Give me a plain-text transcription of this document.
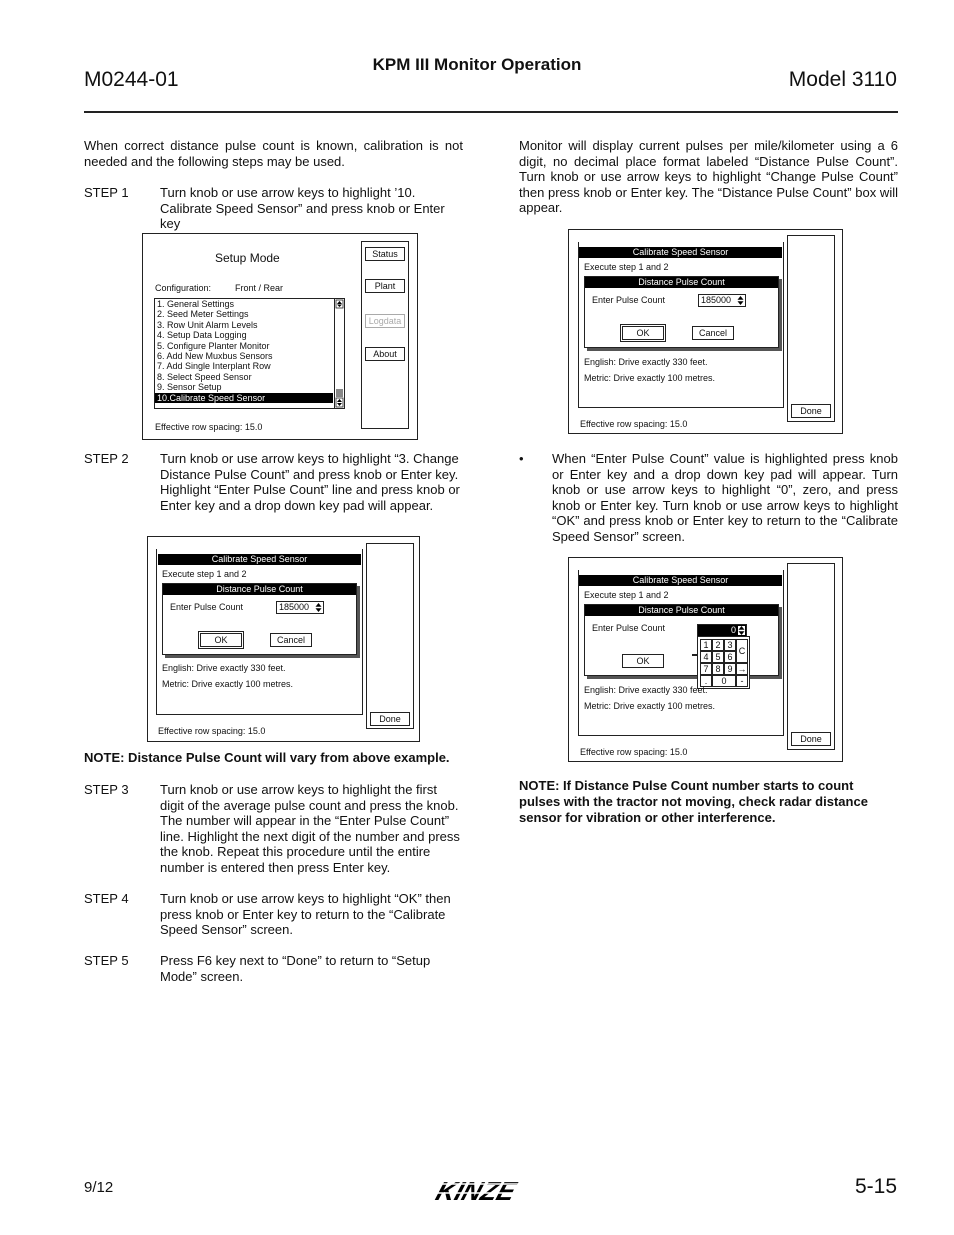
M0244-01
KPM III Monitor Operation
Model 3110
When correct distance pulse count is known, calibration is not needed and the following steps may be used.
STEP 1	Turn knob or use arrow keys to highlight ’10. Calibrate Speed Sensor” and press knob or Enter key
Setup Mode
Configuration:	Front / Rear
1. General Settings
2. Seed Meter Settings
3. Row Unit Alarm Levels
4. Setup Data Logging
5. Configure Planter Monitor
6. Add New Muxbus Sensors
7. Add Single Interplant Row
8. Select Speed Sensor
9. Sensor Setup
10.Calibrate Speed Sensor
Effective row spacing: 15.0
Status
Plant
Logdata
About
STEP 2	Turn knob or use arrow keys to highlight “3. Change Distance Pulse Count” and press knob or Enter key. Highlight “Enter Pulse Count” line and press knob or Enter key and a drop down key pad will appear.
Calibrate Speed Sensor
Execute step 1 and 2
Distance Pulse Count
Enter Pulse Count	185000
OK	Cancel
English: Drive exactly 330 feet.
Metric: Drive exactly 100 metres.
Effective row spacing: 15.0
Done
NOTE: Distance Pulse Count will vary from above example.
STEP 3	Turn knob or use arrow keys to highlight the first digit of the average pulse count and press the knob. The number will appear in the “Enter Pulse Count” line. Highlight the next digit of the number and press the knob. Repeat this procedure until the entire number is entered then press Enter key.
STEP 4	Turn knob or use arrow keys to highlight “OK” then press knob or Enter key to return to the “Calibrate Speed Sensor” screen.
STEP 5	Press F6 key next to “Done” to return to “Setup Mode” screen.
Monitor will display current pulses per mile/kilometer using a 6 digit, no decimal place format labeled “Distance Pulse Count”. Turn knob or use arrow keys to highlight “Change Pulse Count” then press knob or Enter key. The “Distance Pulse Count” box will appear.
Calibrate Speed Sensor
Execute step 1 and 2
Distance Pulse Count
Enter Pulse Count	185000
OK	Cancel
English: Drive exactly 330 feet.
Metric: Drive exactly 100 metres.
Effective row spacing: 15.0
Done
•	When “Enter Pulse Count” value is highlighted press knob or Enter key and a drop down key pad will appear. Turn knob or use arrow keys to highlight “0”, zero, and press knob or Enter key. Turn knob or use arrow keys to highlight “OK” and press knob or Enter key to return to the “Calibrate Speed Sensor” screen.
Calibrate Speed Sensor
Execute step 1 and 2
Distance Pulse Count
Enter Pulse Count
OK
0
1 2 3
C
4 5 6
7 8 9 →
.	0	-
English: Drive exactly 330 feet.
Metric: Drive exactly 100 metres.
Effective row spacing: 15.0
Done
NOTE: If Distance Pulse Count number starts to count pulses with the tractor not moving, check radar distance sensor for vibration or other interference.
9/12	KINZE	5-15
